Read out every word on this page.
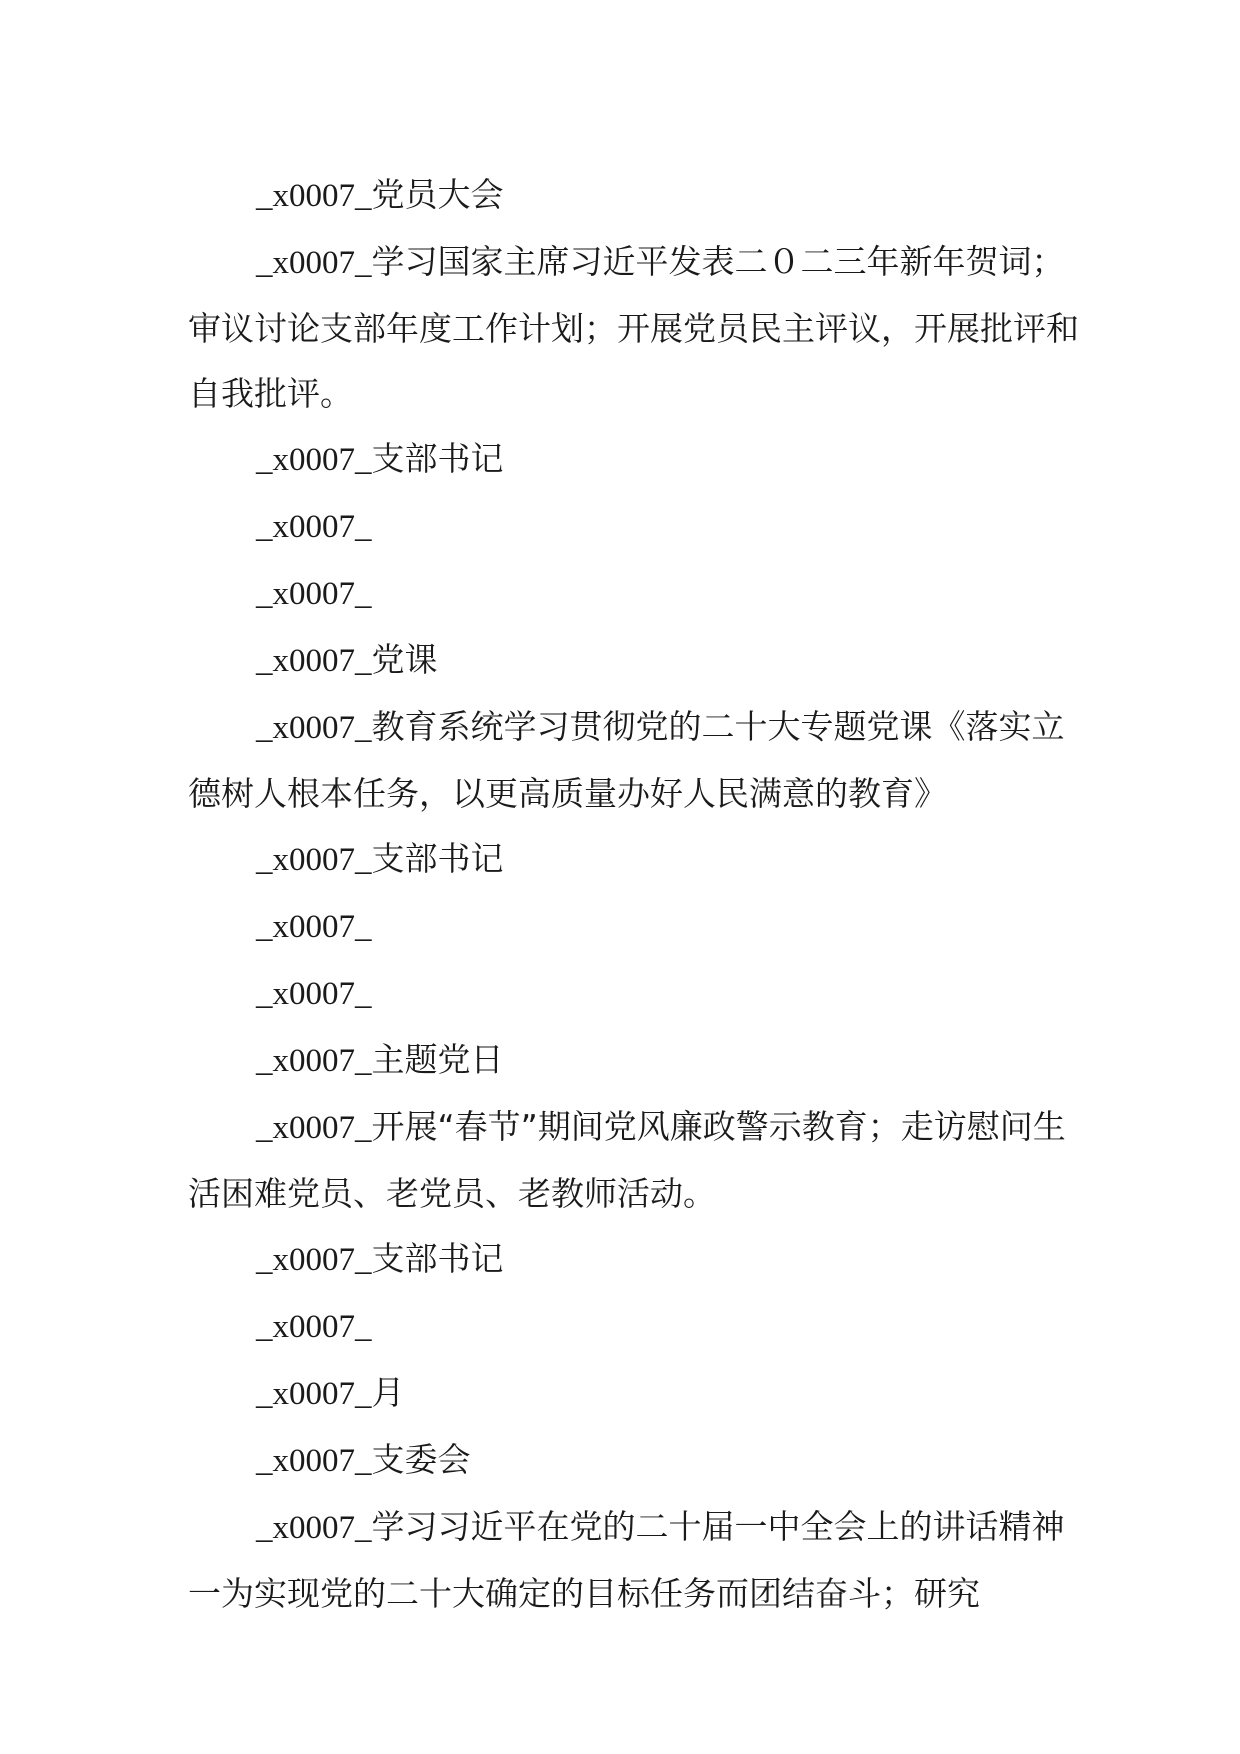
_x0007_党员大会

_x0007_学习国家主席习近平发表二０二三年新年贺词；审议讨论支部年度工作计划；开展党员民主评议，开展批评和自我批评。

_x0007_支部书记

_x0007_

_x0007_

_x0007_党课

_x0007_教育系统学习贯彻党的二十大专题党课《落实立德树人根本任务，以更高质量办好人民满意的教育》

_x0007_支部书记

_x0007_

_x0007_

_x0007_主题党日

_x0007_开展“春节”期间党风廉政警示教育；走访慰问生活困难党员、老党员、老教师活动。

_x0007_支部书记

_x0007_

_x0007_月

_x0007_支委会

_x0007_学习习近平在党的二十届一中全会上的讲话精神一为实现党的二十大确定的目标任务而团结奋斗；研究
